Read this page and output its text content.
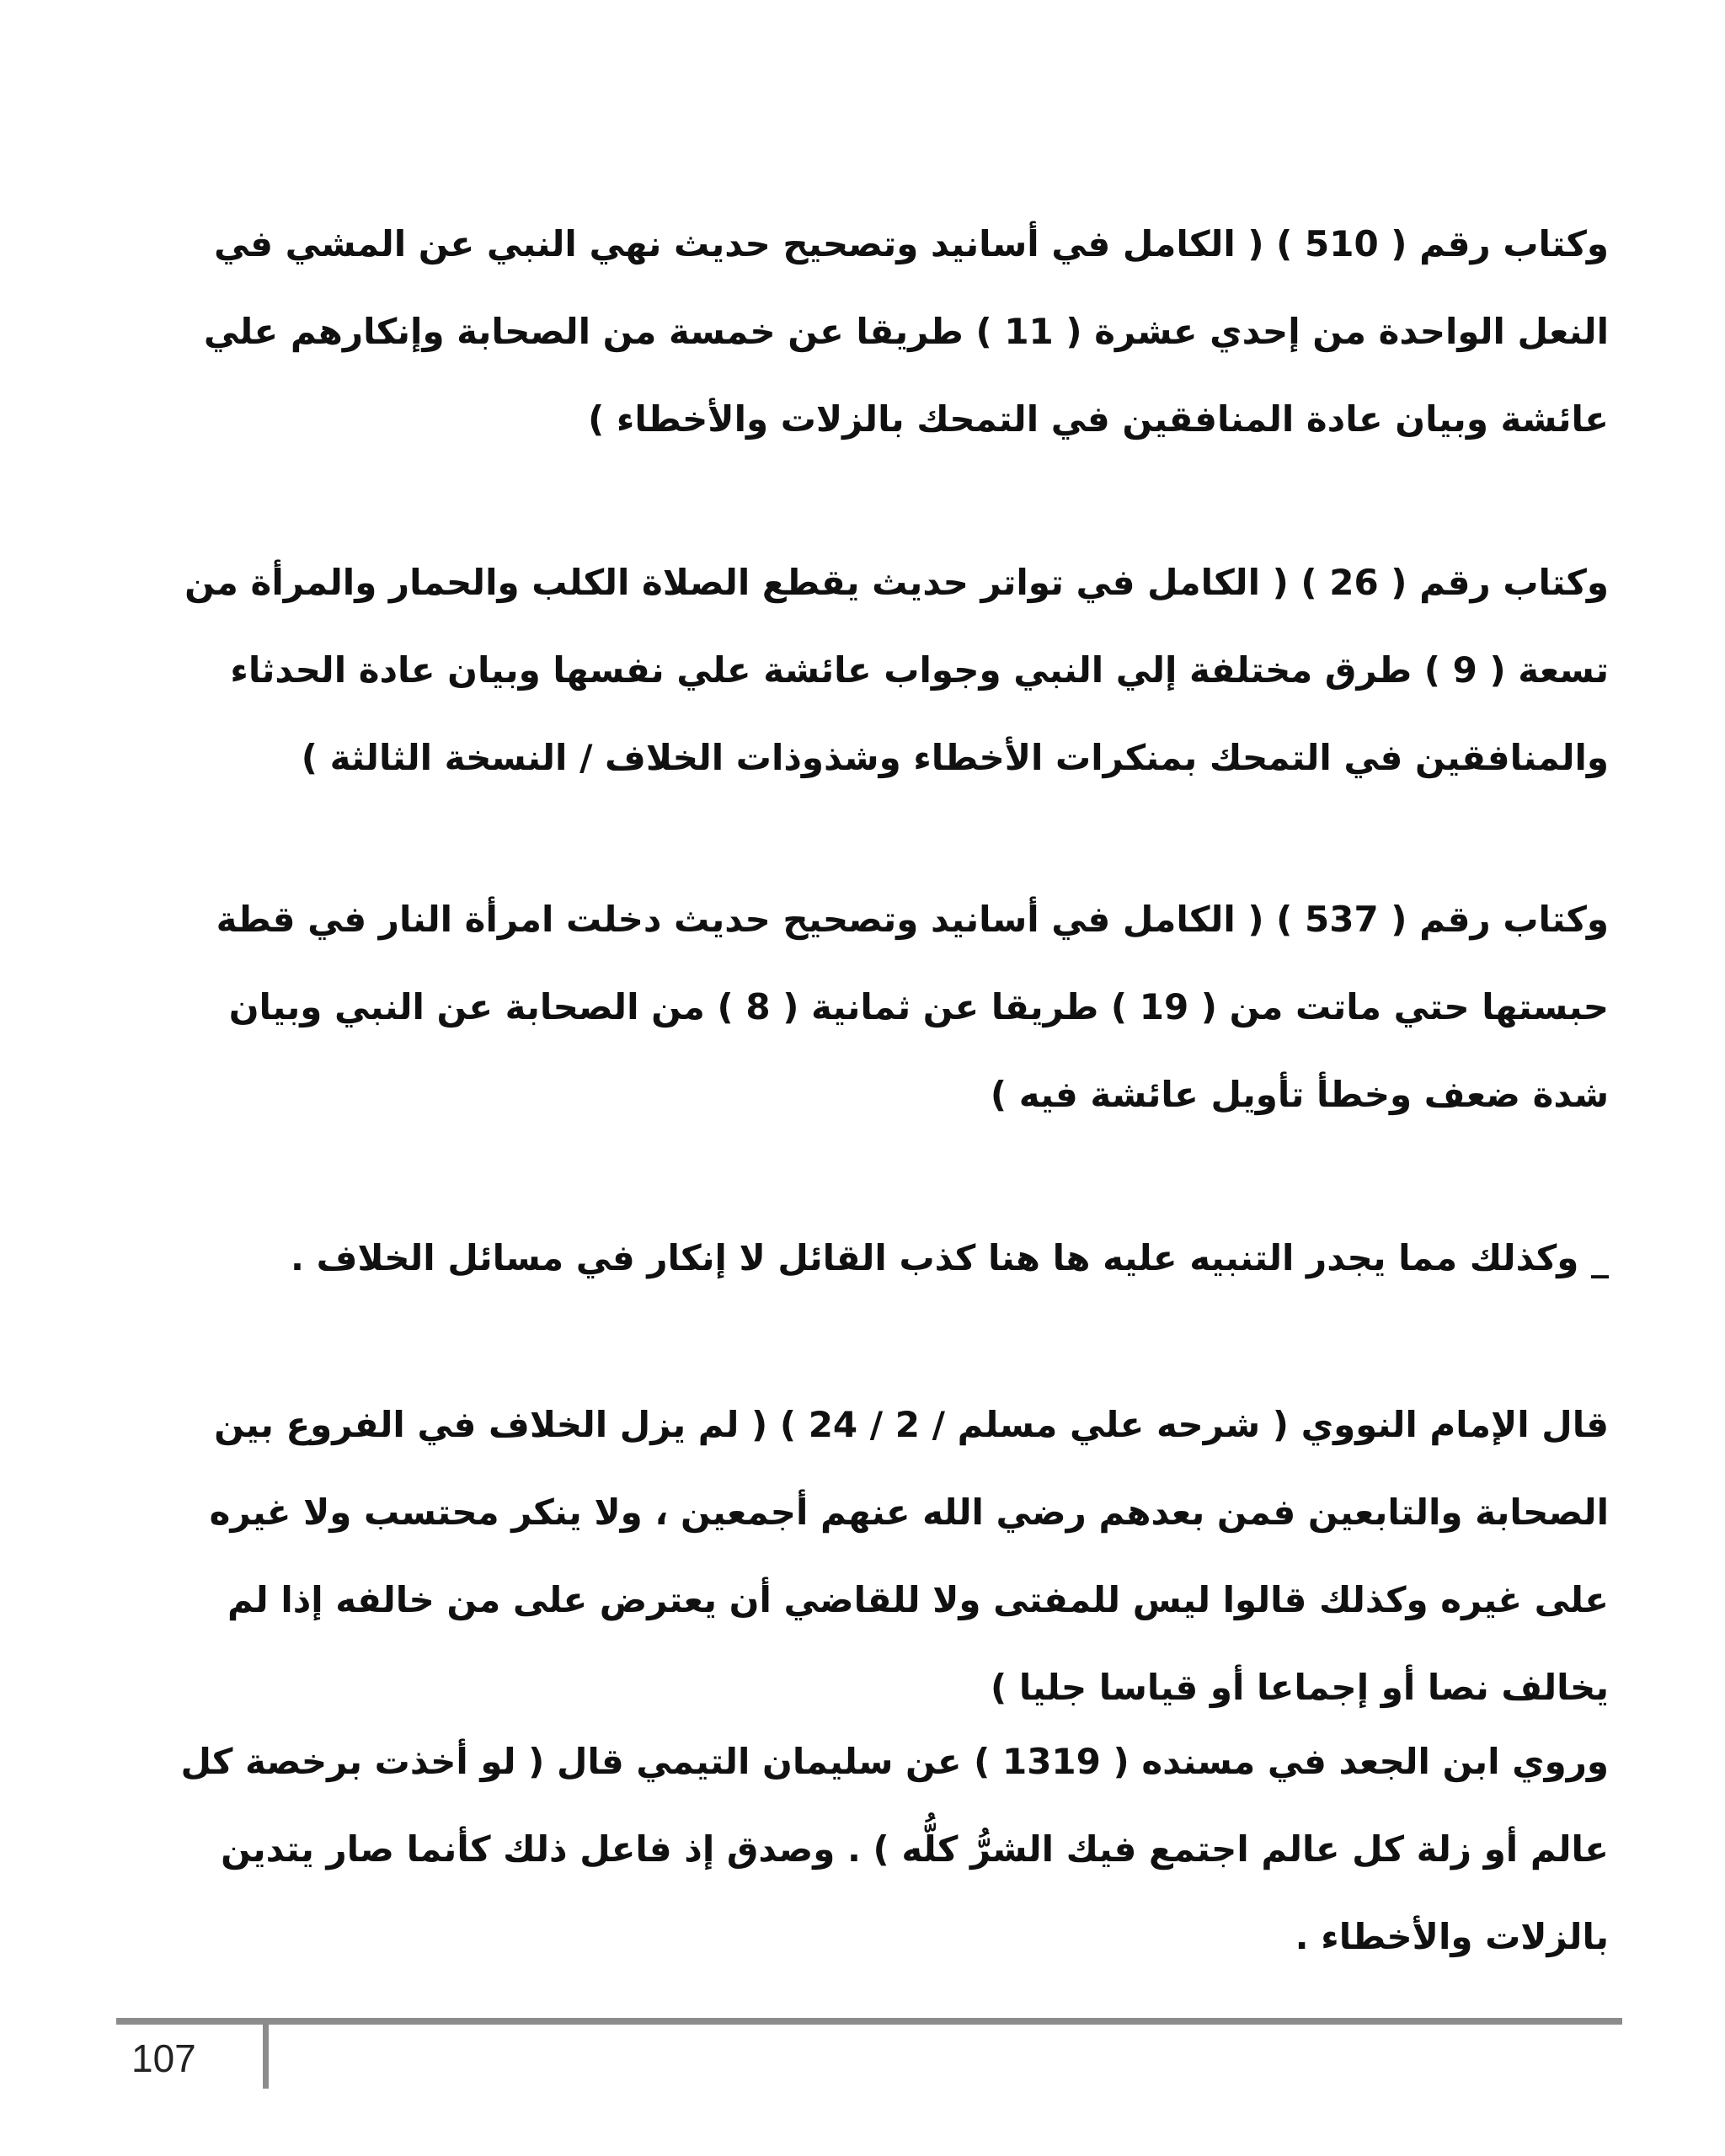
وكتاب رقم ( 510 ) ( الكامل في أسانيد وتصحيح حديث نهي النبي عن المشي في النعل الواحدة من إحدي عشرة ( 11 ) طريقا عن خمسة من الصحابة وإنكارهم علي عائشة وبيان عادة المنافقين في التمحك بالزلات والأخطاء )
وكتاب رقم ( 26 ) ( الكامل في تواتر حديث يقطع الصلاة الكلب والحمار والمرأة من تسعة ( 9 ) طرق مختلفة إلي النبي وجواب عائشة علي نفسها وبيان عادة الحدثاء والمنافقين في التمحك بمنكرات الأخطاء وشذوذات الخلاف / النسخة الثالثة )
وكتاب رقم ( 537 ) ( الكامل في أسانيد وتصحيح حديث دخلت امرأة النار في قطة حبستها حتي ماتت من ( 19 ) طريقا عن ثمانية ( 8 ) من الصحابة عن النبي وبيان شدة ضعف وخطأ تأويل عائشة فيه )
_ وكذلك مما يجدر التنبيه عليه ها هنا كذب القائل لا إنكار في مسائل الخلاف .
قال الإمام النووي ( شرحه علي مسلم / 2 / 24 ) ( لم يزل الخلاف في الفروع بين الصحابة والتابعين فمن بعدهم رضي الله عنهم أجمعين ، ولا ينكر محتسب ولا غيره على غيره وكذلك قالوا ليس للمفتى ولا للقاضي أن يعترض على من خالفه إذا لم يخالف نصا أو إجماعا أو قياسا جليا )
وروي ابن الجعد في مسنده ( 1319 ) عن سليمان التيمي قال ( لو أخذت برخصة كل عالم أو زلة كل عالم اجتمع فيك الشرُّ كلُّه ) . وصدق إذ فاعل ذلك كأنما صار يتدين بالزلات والأخطاء .
107
